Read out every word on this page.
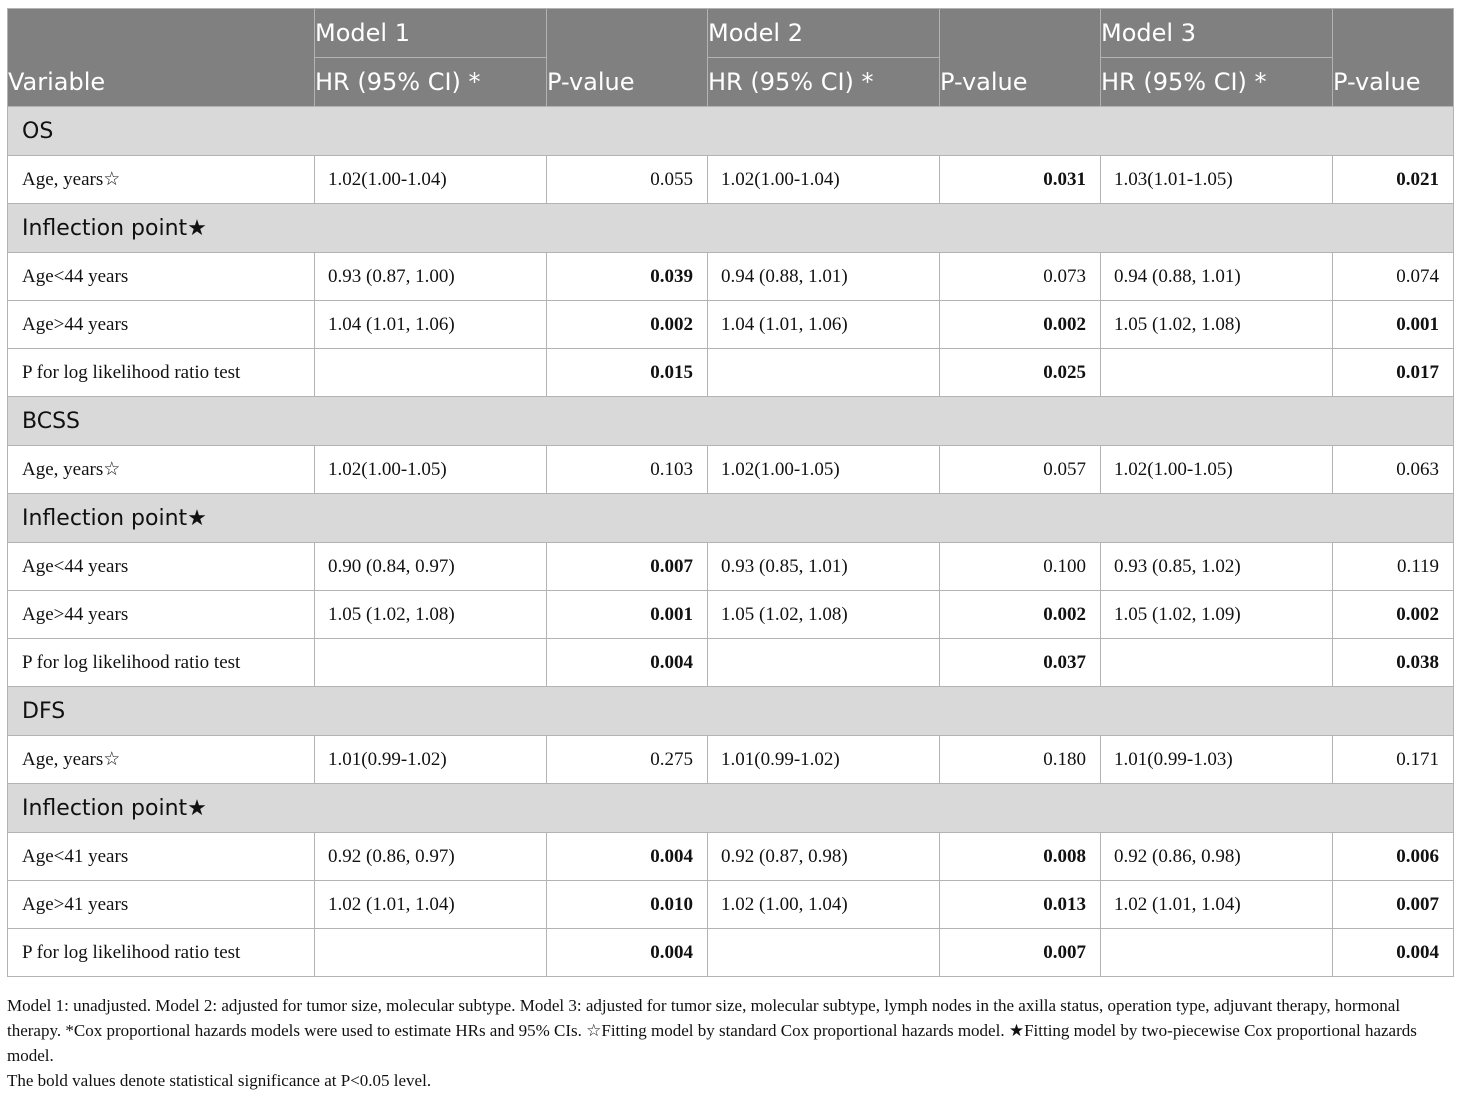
Variable	Model 1	P-value	Model 2	P-value	Model 3	P-value
	HR (95% CI) *		HR (95% CI) *		HR (95% CI) *	
OS						
Age, years☆	1.02(1.00-1.04)	0.055	1.02(1.00-1.04)	0.031	1.03(1.01-1.05)	0.021
Inflection point★						
Age<44 years	0.93 (0.87, 1.00)	0.039	0.94 (0.88, 1.01)	0.073	0.94 (0.88, 1.01)	0.074
Age>44 years	1.04 (1.01, 1.06)	0.002	1.04 (1.01, 1.06)	0.002	1.05 (1.02, 1.08)	0.001
P for log likelihood ratio test		0.015		0.025		0.017
BCSS						
Age, years☆	1.02(1.00-1.05)	0.103	1.02(1.00-1.05)	0.057	1.02(1.00-1.05)	0.063
Inflection point★						
Age<44 years	0.90 (0.84, 0.97)	0.007	0.93 (0.85, 1.01)	0.100	0.93 (0.85, 1.02)	0.119
Age>44 years	1.05 (1.02, 1.08)	0.001	1.05 (1.02, 1.08)	0.002	1.05 (1.02, 1.09)	0.002
P for log likelihood ratio test		0.004		0.037		0.038
DFS						
Age, years☆	1.01(0.99-1.02)	0.275	1.01(0.99-1.02)	0.180	1.01(0.99-1.03)	0.171
Inflection point★						
Age<41 years	0.92 (0.86, 0.97)	0.004	0.92 (0.87, 0.98)	0.008	0.92 (0.86, 0.98)	0.006
Age>41 years	1.02 (1.01, 1.04)	0.010	1.02 (1.00, 1.04)	0.013	1.02 (1.01, 1.04)	0.007
P for log likelihood ratio test		0.004		0.007		0.004

Model 1: unadjusted. Model 2: adjusted for tumor size, molecular subtype. Model 3: adjusted for tumor size, molecular subtype, lymph nodes in the axilla status, operation type, adjuvant therapy, hormonal therapy. *Cox proportional hazards models were used to estimate HRs and 95% CIs. ☆Fitting model by standard Cox proportional hazards model. ★Fitting model by two-piecewise Cox proportional hazards model.

The bold values denote statistical significance at P<0.05 level.
